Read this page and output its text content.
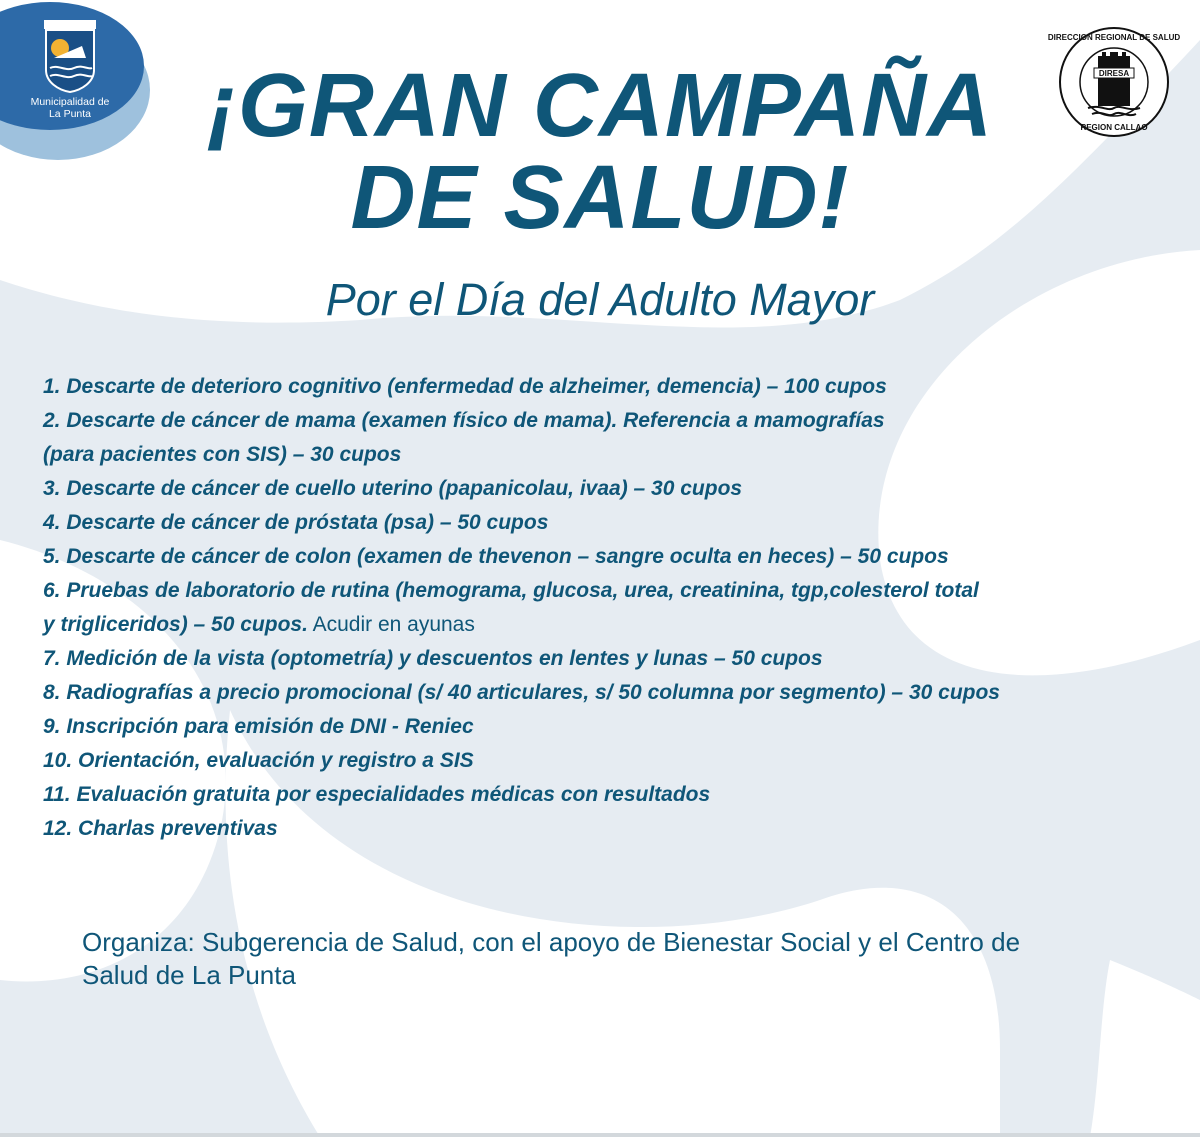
Municipalidad de
La Punta
DIRESA
DIRECCION REGIONAL DE SALUD
REGION CALLAO
¡GRAN CAMPAÑA
DE SALUD!
Por el Día del Adulto Mayor
1. Descarte de deterioro cognitivo (enfermedad de alzheimer, demencia) – 100 cupos
2. Descarte de cáncer de mama (examen físico de mama). Referencia a mamografías
(para pacientes con SIS) – 30 cupos
3. Descarte de cáncer de cuello uterino (papanicolau, ivaa) – 30 cupos
4. Descarte de cáncer de próstata (psa) – 50 cupos
5. Descarte de cáncer de colon (examen de thevenon – sangre oculta en heces) – 50 cupos
6. Pruebas de laboratorio de rutina (hemograma, glucosa, urea, creatinina, tgp,colesterol total
y trigliceridos) – 50 cupos. Acudir en ayunas
7. Medición de la vista (optometría) y descuentos en lentes y lunas – 50 cupos
8. Radiografías a precio promocional (s/ 40 articulares, s/ 50 columna por segmento) – 30 cupos
9. Inscripción para emisión de DNI - Reniec
10. Orientación, evaluación y registro a SIS
11. Evaluación gratuita por especialidades médicas con resultados
12. Charlas preventivas
Organiza: Subgerencia de Salud, con el apoyo de Bienestar Social y el Centro de
Salud de La Punta
